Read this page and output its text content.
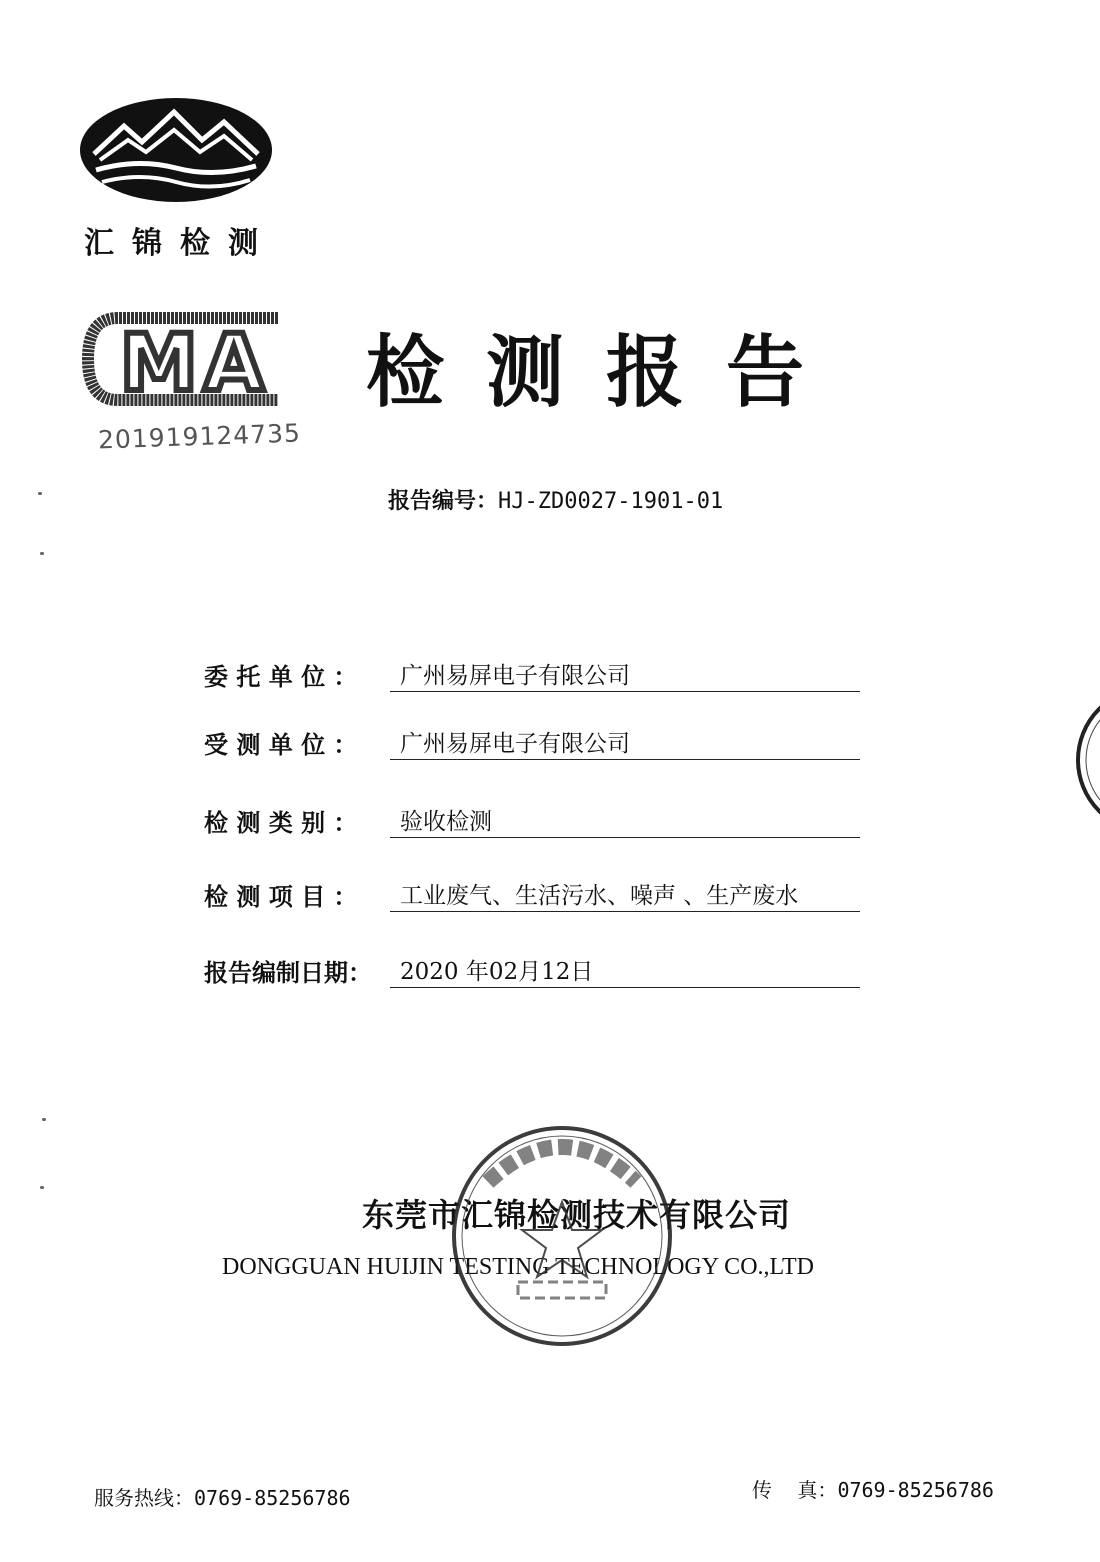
汇锦检测
MA
201919124735
检测报告
报告编号：HJ-ZD0027-1901-01
委 托 单 位 ：	广州易屏电子有限公司
受 测 单 位 ：	广州易屏电子有限公司
检 测 类 别 ：	验收检测
检 测 项 目 ：	工业废气、生活污水、噪声 、生产废水
报告编制日期：	2020 年02月12日
东莞市汇锦检测技术有限公司
DONGGUAN HUIJIN TESTING TECHNOLOGY CO.,LTD
服务热线：0769-85256786	传    真：0769-85256786
